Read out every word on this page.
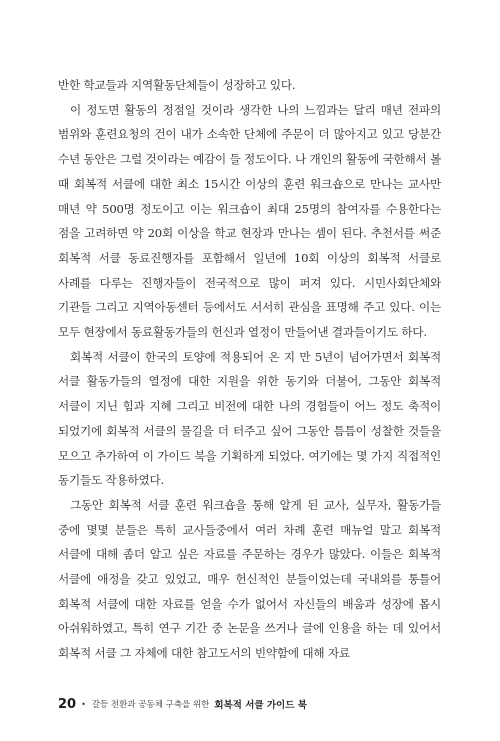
반한 학교들과 지역활동단체들이 성장하고 있다.

이 정도면 활동의 정점일 것이라 생각한 나의 느낌과는 달리 매년 전파의 범위와 훈련요청의 건이 내가 소속한 단체에 주문이 더 많아지고 있고 당분간 수년 동안은 그럴 것이라는 예감이 들 정도이다. 나 개인의 활동에 국한해서 볼 때 회복적 서클에 대한 최소 15시간 이상의 훈련 워크숍으로 만나는 교사만 매년 약 500명 정도이고 이는 워크숍이 최대 25명의 참여자를 수용한다는 점을 고려하면 약 20회 이상을 학교 현장과 만나는 셈이 된다. 추천서를 써준 회복적 서클 동료진행자를 포함해서 일년에 10회 이상의 회복적 서클로 사례를 다루는 진행자들이 전국적으로 많이 퍼져 있다. 시민사회단체와 기관들 그리고 지역아동센터 등에서도 서서히 관심을 표명해 주고 있다. 이는 모두 현장에서 동료활동가들의 헌신과 열정이 만들어낸 결과들이기도 하다.

회복적 서클이 한국의 토양에 적용되어 온 지 만 5년이 넘어가면서 회복적 서클 활동가들의 열정에 대한 지원을 위한 동기와 더불어, 그동안 회복적 서클이 지닌 힘과 지혜 그리고 비전에 대한 나의 경험들이 어느 정도 축적이 되었기에 회복적 서클의 물길을 더 터주고 싶어 그동안 틈틈이 성찰한 것들을 모으고 추가하여 이 가이드 북을 기획하게 되었다. 여기에는 몇 가지 직접적인 동기들도 작용하였다.

그동안 회복적 서클 훈련 워크숍을 통해 알게 된 교사, 실무자, 활동가들 중에 몇몇 분들은 특히 교사들중에서 여러 차례 훈련 매뉴얼 말고 회복적 서클에 대해 좀더 알고 싶은 자료를 주문하는 경우가 많았다. 이들은 회복적 서클에 애정을 갖고 있었고, 매우 헌신적인 분들이었는데 국내외를 통틀어 회복적 서클에 대한 자료를 얻을 수가 없어서 자신들의 배움과 성장에 몹시 아쉬워하였고, 특히 연구 기간 중 논문을 쓰거나 글에 인용을 하는 데 있어서 회복적 서클 그 자체에 대한 참고도서의 빈약함에 대해 자료

20 • 갈등 전환과 공동체 구축을 위한 회복적 서클 가이드 북
